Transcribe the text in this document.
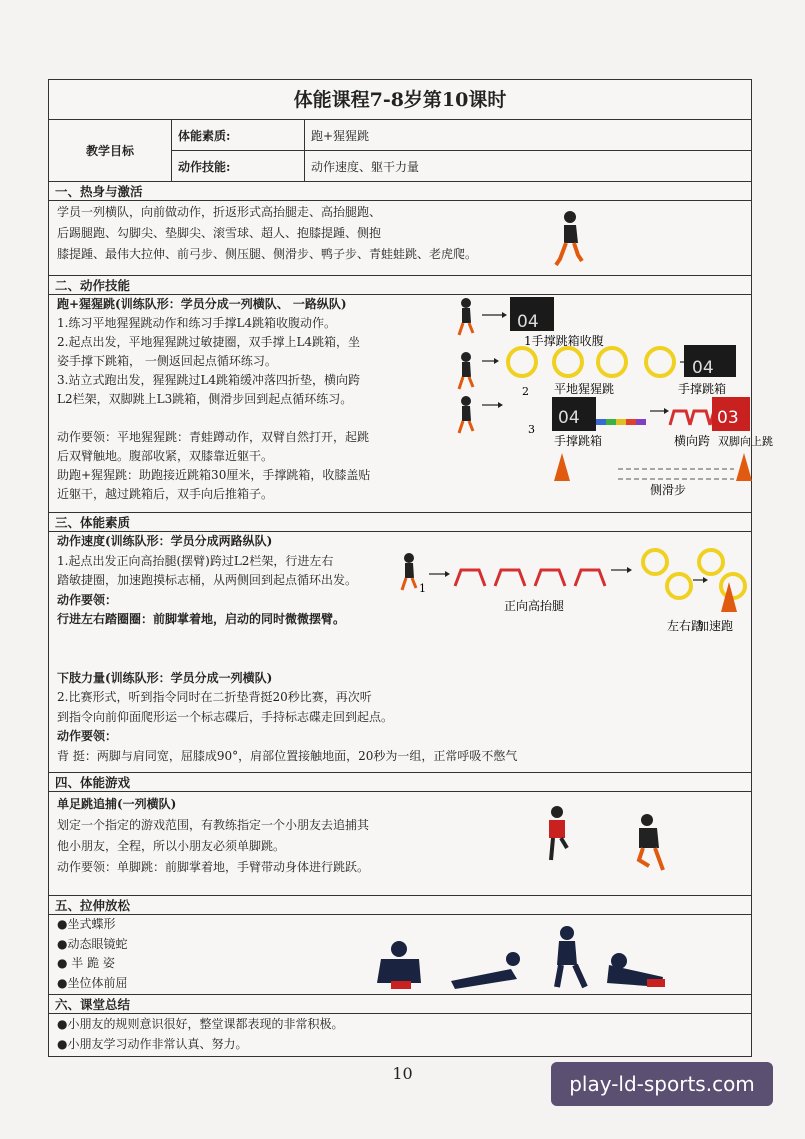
体能课程7-8岁第10课时
教学目标
体能素质:	跑+猩猩跳
动作技能:	动作速度、躯干力量
一、热身与激活
学员一列横队，向前做动作，折返形式高抬腿走、高抬腿跑、
后踢腿跑、勾脚尖、垫脚尖、滚雪球、超人、抱膝提踵、侧抱
膝提踵、最伟大拉伸、前弓步、侧压腿、侧滑步、鸭子步、青蛙蛙跳、老虎爬。
二、动作技能
跑+猩猩跳(训练队形：学员分成一列横队、 一路纵队)
1.练习平地猩猩跳动作和练习手撑L4跳箱收腹动作。
2.起点出发，平地猩猩跳过敏捷圈，双手撑上L4跳箱，坐
姿手撑下跳箱， 一侧返回起点循环练习。
3.站立式跑出发，猩猩跳过L4跳箱缓冲落四折垫，横向跨
L2栏架，双脚跳上L3跳箱，侧滑步回到起点循环练习。
动作要领：平地猩猩跳：青蛙蹲动作，双臂自然打开，起跳
后双臂触地。腹部收紧，双膝靠近躯干。
助跑+猩猩跳：助跑接近跳箱30厘米，手撑跳箱，收膝盖贴
近躯干，越过跳箱后，双手向后推箱子。
04
1手撑跳箱收腹
2
04
平地猩猩跳	手撑跳箱
3
04	03
手撑跳箱	横向跨 双脚向上跳
侧滑步
三、体能素质
动作速度(训练队形：学员分成两路纵队)
1.起点出发正向高抬腿(摆臂)跨过L2栏架，行进左右
踏敏捷圈，加速跑摸标志桶，从两侧回到起点循环出发。
动作要领：
行进左右踏圈圈：前脚掌着地，启动的同时微微摆臂。
下肢力量(训练队形：学员分成一列横队)
2.比赛形式，听到指令同时在二折垫背挺20秒比赛，再次听
到指令向前仰面爬形运一个标志碟后，手持标志碟走回到起点。
动作要领：
背 挺：两脚与肩同宽，屈膝成90°，肩部位置接触地面，20秒为一组，正常呼吸不憋气
1
正向高抬腿
左右踏
加速跑
四、体能游戏
单足跳追捕(一列横队)
划定一个指定的游戏范围，有教练指定一个小朋友去追捕其
他小朋友，全程，所以小朋友必须单脚跳。
动作要领：单脚跳：前脚掌着地，手臂带动身体进行跳跃。
五、拉伸放松
●坐式蝶形
●动态眼镜蛇
● 半 跪 姿
●坐位体前屈
六、课堂总结
●小朋友的规则意识很好，整堂课都表现的非常积极。
●小朋友学习动作非常认真、努力。
10	play-ld-sports.com
